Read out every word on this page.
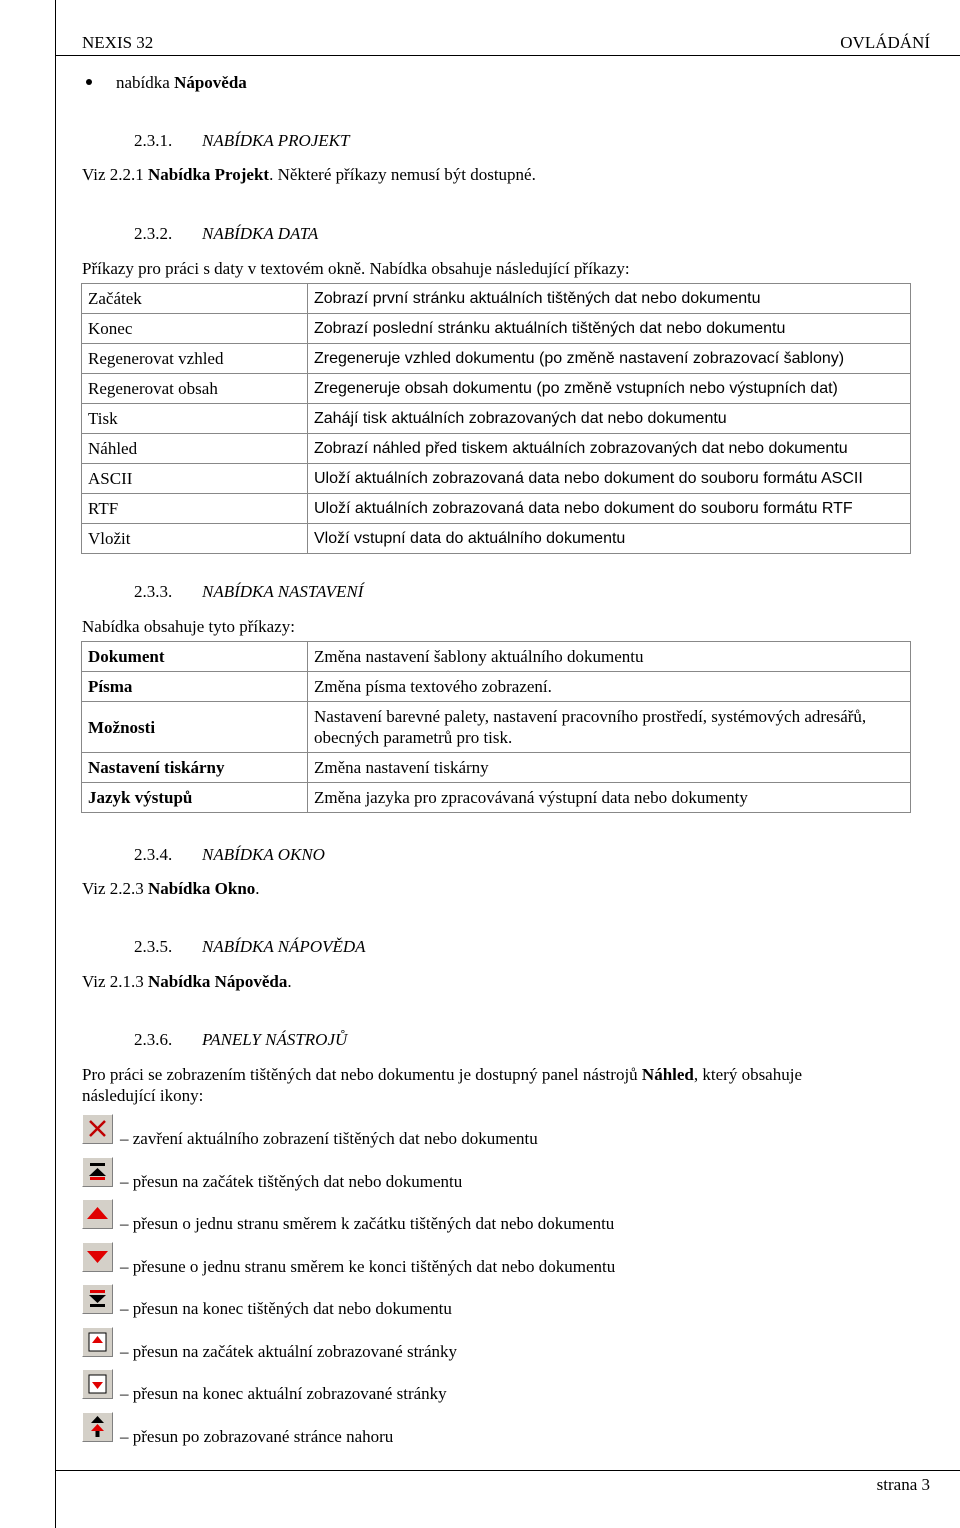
NEXIS 32	OVLÁDÁNÍ
nabídka Nápověda
2.3.1. NABÍDKA PROJEKT
Viz 2.2.1 Nabídka Projekt. Některé příkazy nemusí být dostupné.
2.3.2. NABÍDKA DATA
Příkazy pro práci s daty v textovém okně. Nabídka obsahuje následující příkazy:
Začátek	Zobrazí první stránku aktuálních tištěných dat nebo dokumentu
Konec	Zobrazí poslední stránku aktuálních tištěných dat nebo dokumentu
Regenerovat vzhled	Zregeneruje vzhled dokumentu (po změně nastavení zobrazovací šablony)
Regenerovat obsah	Zregeneruje obsah dokumentu (po změně vstupních nebo výstupních dat)
Tisk	Zahájí tisk aktuálních zobrazovaných dat nebo dokumentu
Náhled	Zobrazí náhled před tiskem aktuálních zobrazovaných dat nebo dokumentu
ASCII	Uloží aktuálních zobrazovaná data nebo dokument do souboru formátu ASCII
RTF	Uloží aktuálních zobrazovaná data nebo dokument do souboru formátu RTF
Vložit	Vloží vstupní data do aktuálního dokumentu
2.3.3. NABÍDKA NASTAVENÍ
Nabídka obsahuje tyto příkazy:
Dokument	Změna nastavení šablony aktuálního dokumentu
Písma	Změna písma textového zobrazení.
Možnosti	Nastavení barevné palety, nastavení pracovního prostředí, systémových adresářů, obecných parametrů pro tisk.
Nastavení tiskárny	Změna nastavení tiskárny
Jazyk výstupů	Změna jazyka pro zpracovávaná výstupní data nebo dokumenty
2.3.4. NABÍDKA OKNO
Viz 2.2.3 Nabídka Okno.
2.3.5. NABÍDKA NÁPOVĚDA
Viz 2.1.3 Nabídka Nápověda.
2.3.6. PANELY NÁSTROJŮ
Pro práci se zobrazením tištěných dat nebo dokumentu je dostupný panel nástrojů Náhled, který obsahuje
následující ikony:
– zavření aktuálního zobrazení tištěných dat nebo dokumentu
– přesun na začátek tištěných dat nebo dokumentu
– přesun o jednu stranu směrem k začátku tištěných dat nebo dokumentu
– přesune o jednu stranu směrem ke konci tištěných dat nebo dokumentu
– přesun na konec tištěných dat nebo dokumentu
– přesun na začátek aktuální zobrazované stránky
– přesun na konec aktuální zobrazované stránky
– přesun po zobrazované stránce nahoru
strana 3
